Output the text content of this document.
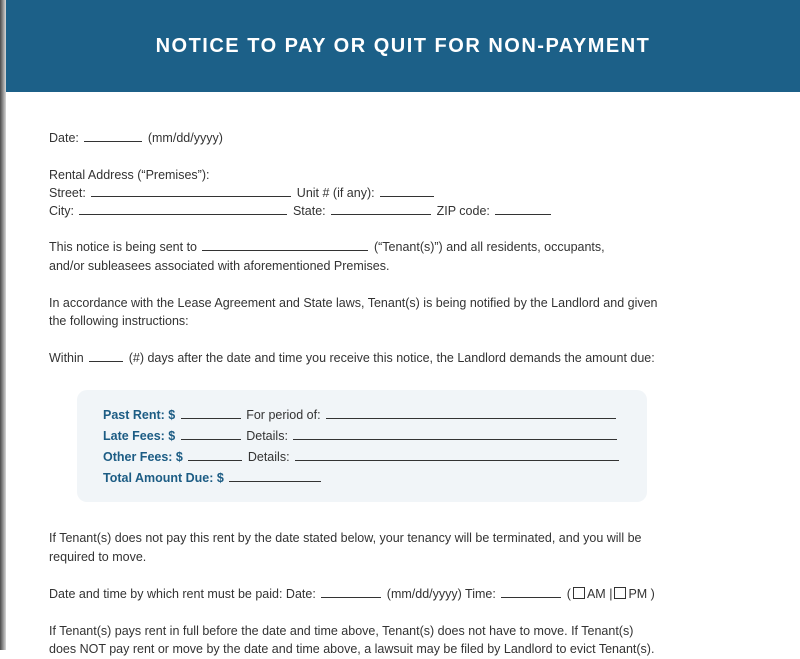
NOTICE TO PAY OR QUIT FOR NON-PAYMENT
Date:	(mm/dd/yyyy)
Rental Address (“Premises”):
Street:	Unit # (if any):
City:	State:	ZIP code:
This notice is being sent to	(“Tenant(s)”) and all residents, occupants,
and/or subleasees associated with aforementioned Premises.
In accordance with the Lease Agreement and State laws, Tenant(s) is being notified by the Landlord and given
the following instructions:
Within	(#) days after the date and time you receive this notice, the Landlord demands the amount due:
If Tenant(s) does not pay this rent by the date stated below, your tenancy will be terminated, and you will be
required to move.
Date and time by which rent must be paid: Date:	(mm/dd/yyyy) Time:	( AM | PM )
If Tenant(s) pays rent in full before the date and time above, Tenant(s) does not have to move. If Tenant(s)
does NOT pay rent or move by the date and time above, a lawsuit may be filed by Landlord to evict Tenant(s).
Past Rent: $	For period of:
Late Fees: $	Details:
Other Fees: $	Details:
Total Amount Due: $
